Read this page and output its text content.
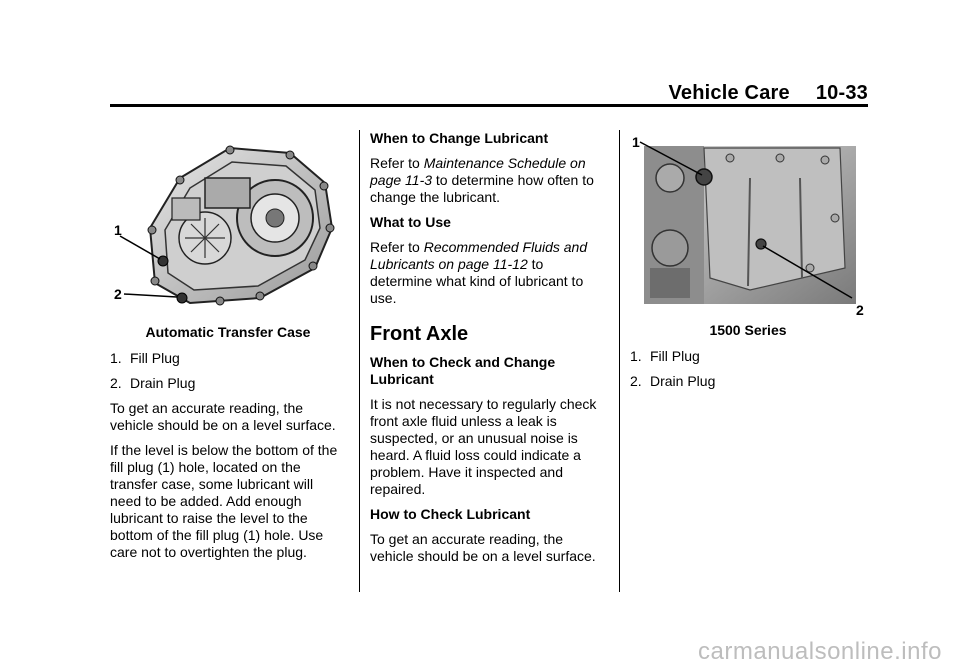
Vehicle Care 10-33
1
2
Automatic Transfer Case
1. Fill Plug
2. Drain Plug

To get an accurate reading, the vehicle should be on a level surface.

If the level is below the bottom of the fill plug (1) hole, located on the transfer case, some lubricant will need to be added. Add enough lubricant to raise the level to the bottom of the fill plug (1) hole. Use care not to overtighten the plug.

When to Change Lubricant

Refer to Maintenance Schedule on page 11-3 to determine how often to change the lubricant.

What to Use

Refer to Recommended Fluids and Lubricants on page 11-12 to determine what kind of lubricant to use.

Front Axle

When to Check and Change Lubricant

It is not necessary to regularly check front axle fluid unless a leak is suspected, or an unusual noise is heard. A fluid loss could indicate a problem. Have it inspected and repaired.

How to Check Lubricant

To get an accurate reading, the vehicle should be on a level surface.

1
2
1500 Series
1. Fill Plug
2. Drain Plug
carmanualsonline.info
